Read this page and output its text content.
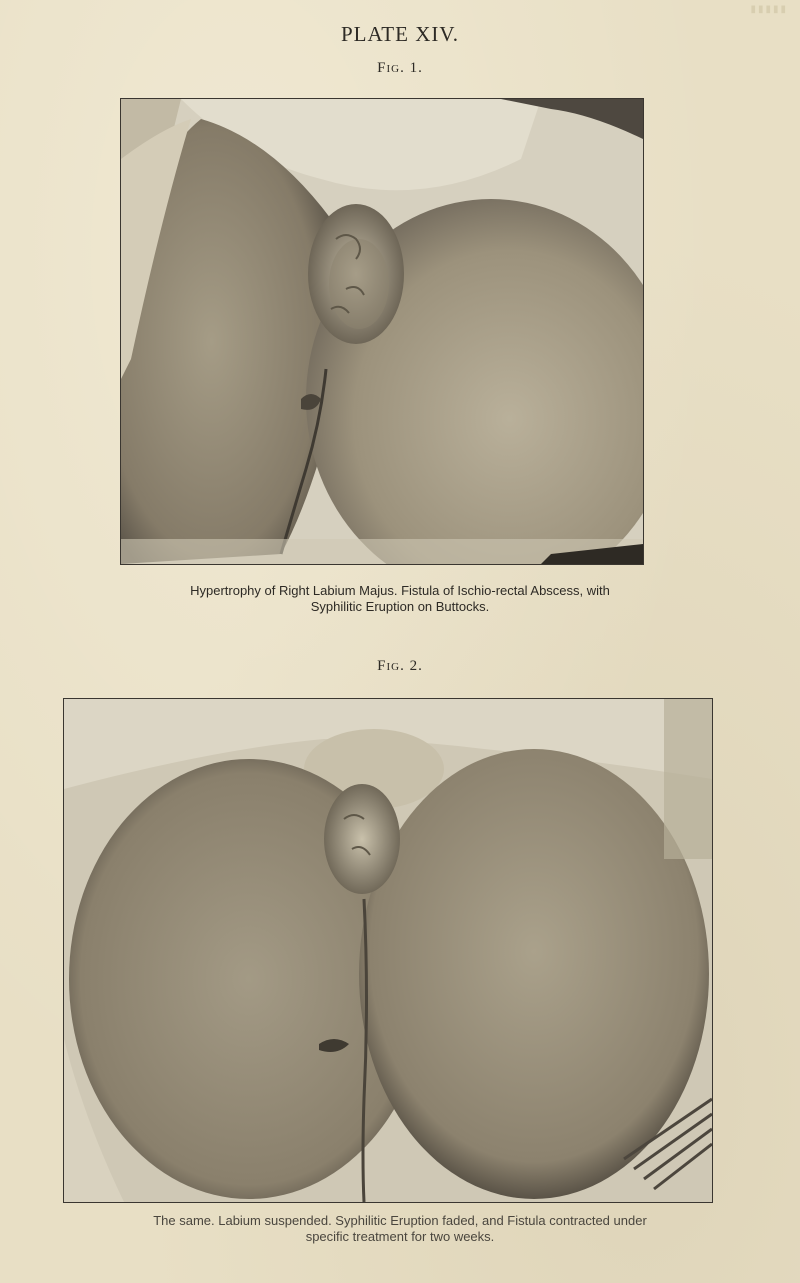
▮▮▮▮▮
PLATE XIV.
Fig. 1.
Hypertrophy of Right Labium Majus. Fistula of Ischio-rectal Abscess, with
Syphilitic Eruption on Buttocks.
Fig. 2.
The same. Labium suspended. Syphilitic Eruption faded, and Fistula contracted under
specific treatment for two weeks.
